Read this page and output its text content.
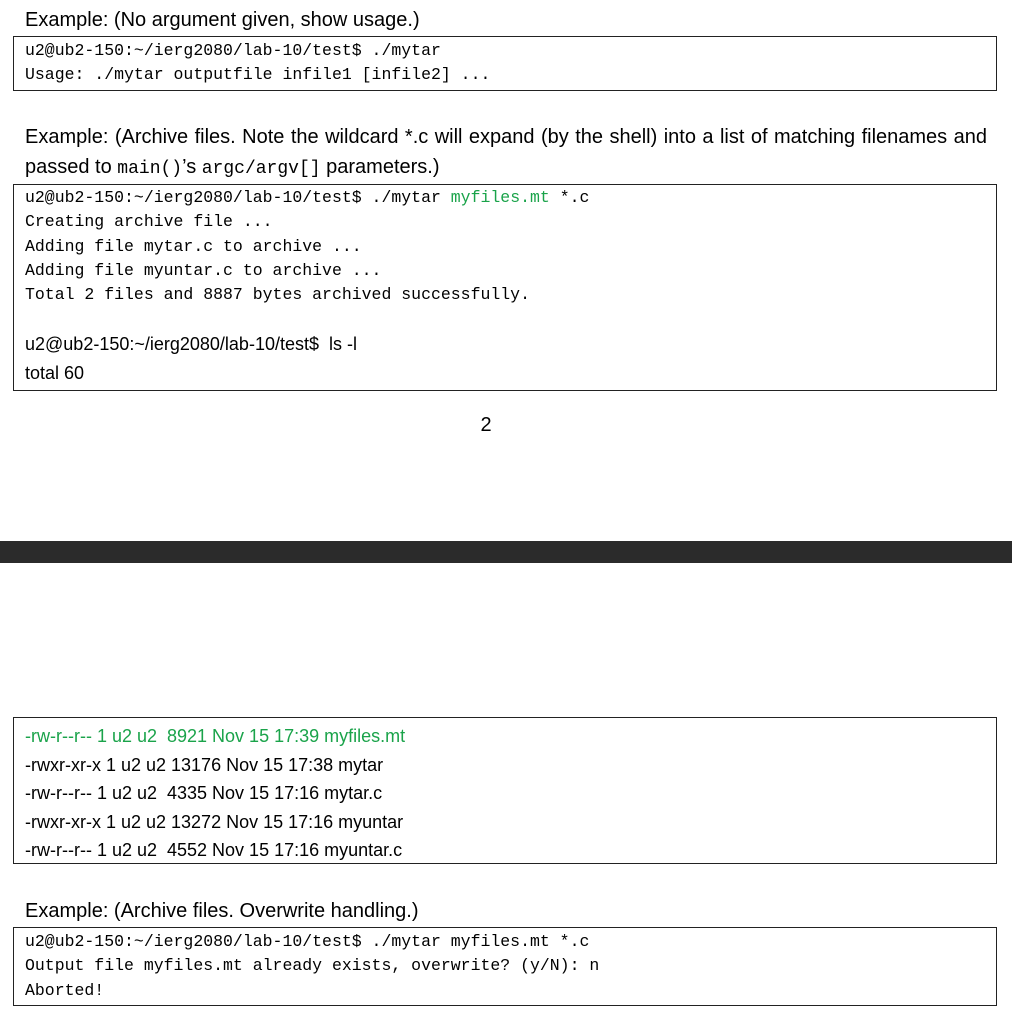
Example: (No argument given, show usage.)

u2@ub2-150:~/ierg2080/lab-10/test$ ./mytar
Usage: ./mytar outputfile infile1 [infile2] ...

Example: (Archive files. Note the wildcard *.c will expand (by the shell) into a list of matching filenames and passed to main()’s argc/argv[] parameters.)

u2@ub2-150:~/ierg2080/lab-10/test$ ./mytar myfiles.mt *.c
Creating archive file ...
Adding file mytar.c to archive ...
Adding file myuntar.c to archive ...
Total 2 files and 8887 bytes archived successfully.
u2@ub2-150:~/ierg2080/lab-10/test$  ls -l
total 60
2
-rw-r--r-- 1 u2 u2  8921 Nov 15 17:39 myfiles.mt
-rwxr-xr-x 1 u2 u2 13176 Nov 15 17:38 mytar
-rw-r--r-- 1 u2 u2  4335 Nov 15 17:16 mytar.c
-rwxr-xr-x 1 u2 u2 13272 Nov 15 17:16 myuntar
-rw-r--r-- 1 u2 u2  4552 Nov 15 17:16 myuntar.c

Example: (Archive files. Overwrite handling.)

u2@ub2-150:~/ierg2080/lab-10/test$ ./mytar myfiles.mt *.c
Output file myfiles.mt already exists, overwrite? (y/N): n
Aborted!
